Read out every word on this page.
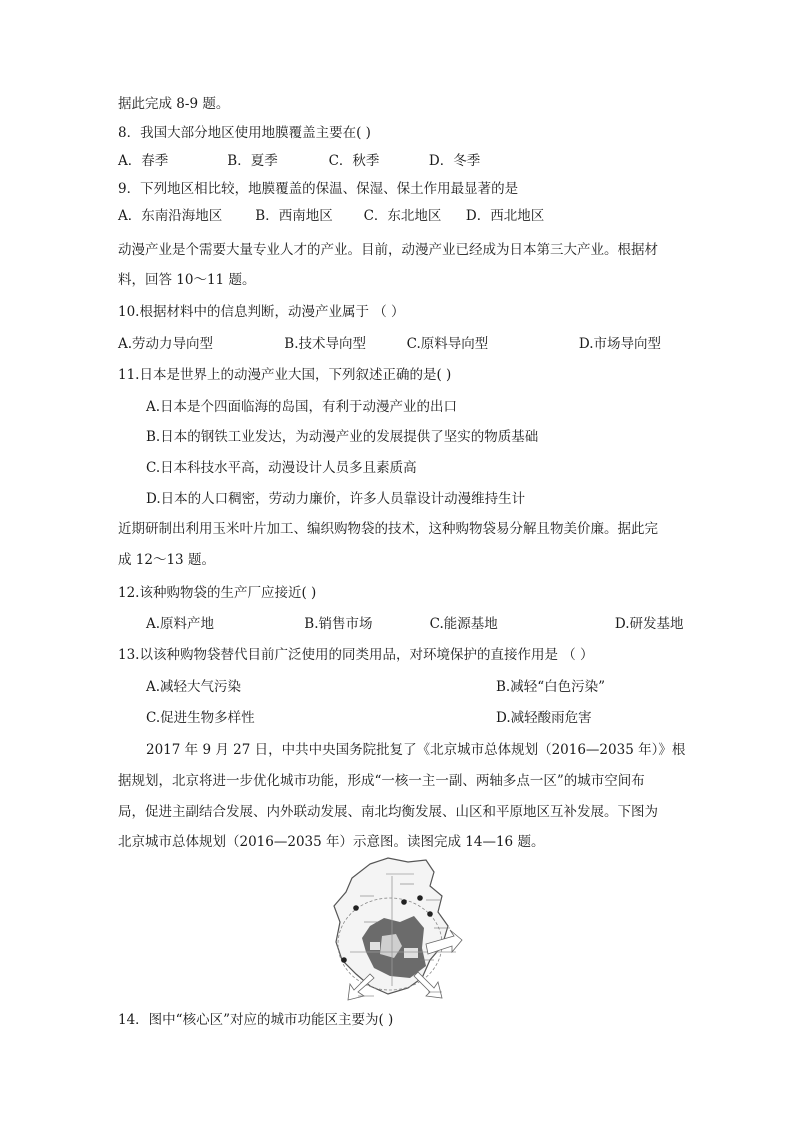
据此完成 8-9 题。
8．我国大部分地区使用地膜覆盖主要在( )
A．春季	B．夏季	C．秋季	D．冬季
9．下列地区相比较，地膜覆盖的保温、保湿、保土作用最显著的是
A．东南沿海地区 B．西南地区 C．东北地区 D．西北地区
动漫产业是个需要大量专业人才的产业。目前，动漫产业已经成为日本第三大产业。根据材
料，回答 10～11 题。
10.根据材料中的信息判断，动漫产业属于 （ ）
A.劳动力导向型	B.技术导向型	C.原料导向型	D.市场导向型
11.日本是世界上的动漫产业大国，下列叙述正确的是( )
A.日本是个四面临海的岛国，有利于动漫产业的出口
B.日本的钢铁工业发达，为动漫产业的发展提供了坚实的物质基础
C.日本科技水平高，动漫设计人员多且素质高
D.日本的人口稠密，劳动力廉价，许多人员靠设计动漫维持生计
近期研制出利用玉米叶片加工、编织购物袋的技术，这种购物袋易分解且物美价廉。据此完
成 12～13 题。
12.该种购物袋的生产厂应接近( )
A.原料产地	B.销售市场	C.能源基地	D.研发基地
13.以该种购物袋替代目前广泛使用的同类用品，对环境保护的直接作用是 （ ）
A.减轻大气污染	B.减轻“白色污染”
C.促进生物多样性	D.减轻酸雨危害
2017 年 9 月 27 日，中共中央国务院批复了《北京城市总体规划（2016—2035 年）》根
据规划，北京将进一步优化城市功能，形成“一核一主一副、两轴多点一区”的城市空间布
局，促进主副结合发展、内外联动发展、南北均衡发展、山区和平原地区互补发展。下图为
北京城市总体规划（2016—2035 年）示意图。读图完成 14—16 题。
14．图中“核心区”对应的城市功能区主要为( )
